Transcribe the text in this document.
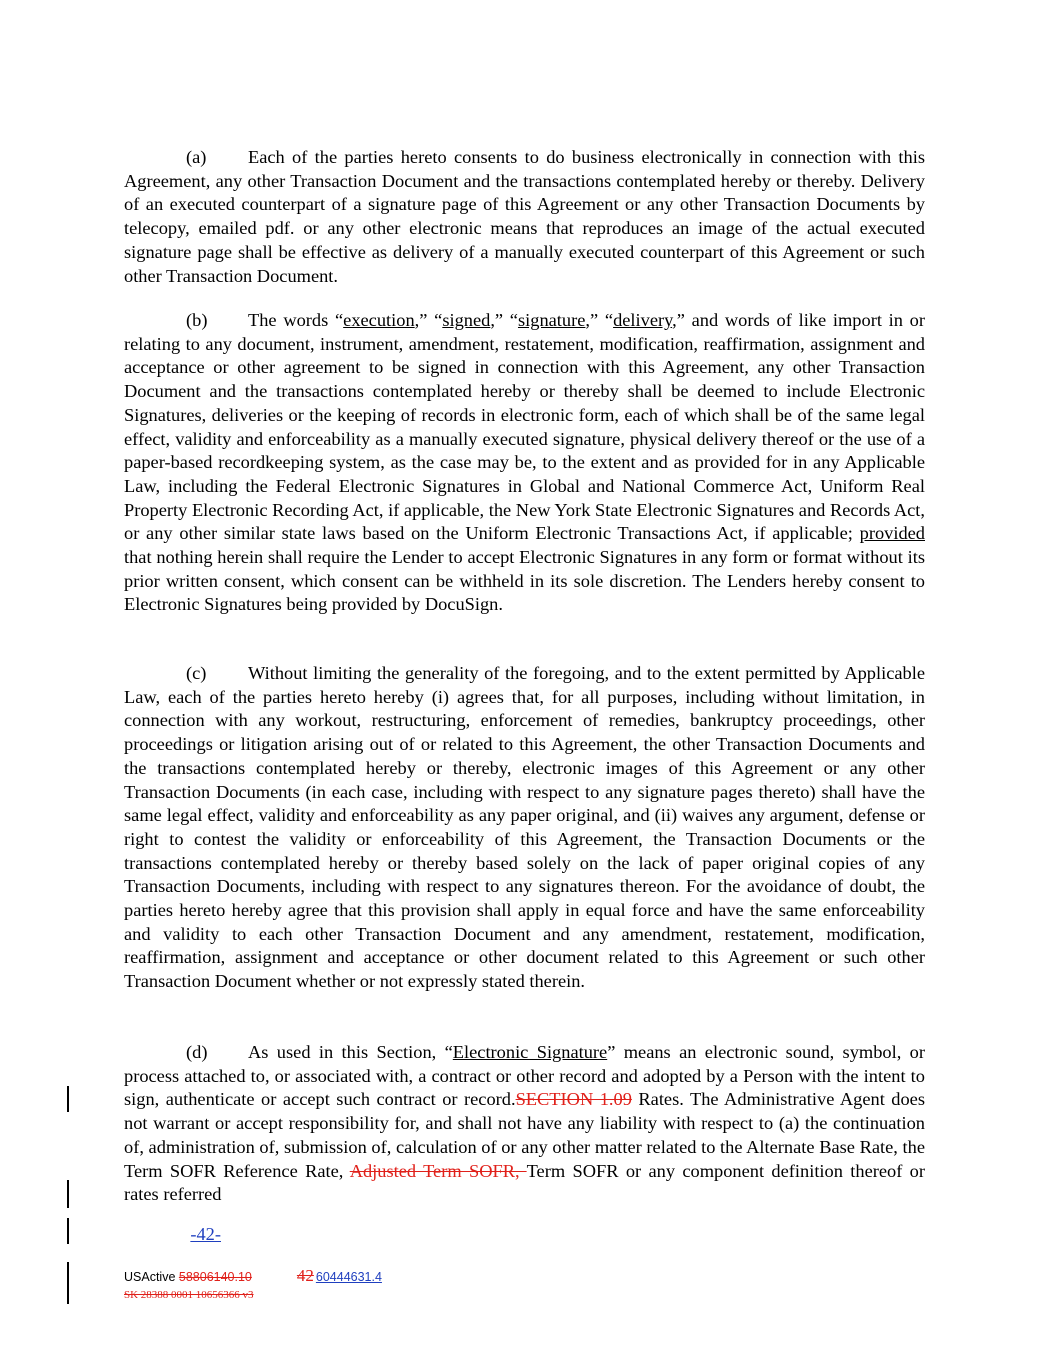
(a) Each of the parties hereto consents to do business electronically in connection with this Agreement, any other Transaction Document and the transactions contemplated hereby or thereby. Delivery of an executed counterpart of a signature page of this Agreement or any other Transaction Documents by telecopy, emailed pdf. or any other electronic means that reproduces an image of the actual executed signature page shall be effective as delivery of a manually executed counterpart of this Agreement or such other Transaction Document.

(b) The words “execution,” “signed,” “signature,” “delivery,” and words of like import in or relating to any document, instrument, amendment, restatement, modification, reaffirmation, assignment and acceptance or other agreement to be signed in connection with this Agreement, any other Transaction Document and the transactions contemplated hereby or thereby shall be deemed to include Electronic Signatures, deliveries or the keeping of records in electronic form, each of which shall be of the same legal effect, validity and enforceability as a manually executed signature, physical delivery thereof or the use of a paper-based recordkeeping system, as the case may be, to the extent and as provided for in any Applicable Law, including the Federal Electronic Signatures in Global and National Commerce Act, Uniform Real Property Electronic Recording Act, if applicable, the New York State Electronic Signatures and Records Act, or any other similar state laws based on the Uniform Electronic Transactions Act, if applicable; provided that nothing herein shall require the Lender to accept Electronic Signatures in any form or format without its prior written consent, which consent can be withheld in its sole discretion. The Lenders hereby consent to Electronic Signatures being provided by DocuSign.

(c) Without limiting the generality of the foregoing, and to the extent permitted by Applicable Law, each of the parties hereto hereby (i) agrees that, for all purposes, including without limitation, in connection with any workout, restructuring, enforcement of remedies, bankruptcy proceedings, other proceedings or litigation arising out of or related to this Agreement, the other Transaction Documents and the transactions contemplated hereby or thereby, electronic images of this Agreement or any other Transaction Documents (in each case, including with respect to any signature pages thereto) shall have the same legal effect, validity and enforceability as any paper original, and (ii) waives any argument, defense or right to contest the validity or enforceability of this Agreement, the Transaction Documents or the transactions contemplated hereby or thereby based solely on the lack of paper original copies of any Transaction Documents, including with respect to any signatures thereon. For the avoidance of doubt, the parties hereto hereby agree that this provision shall apply in equal force and have the same enforceability and validity to each other Transaction Document and any amendment, restatement, modification, reaffirmation, assignment and acceptance or other document related to this Agreement or such other Transaction Document whether or not expressly stated therein.

(d) As used in this Section, “Electronic Signature” means an electronic sound, symbol, or process attached to, or associated with, a contract or other record and adopted by a Person with the intent to sign, authenticate or accept such contract or record.SECTION 1.09 Rates. The Administrative Agent does not warrant or accept responsibility for, and shall not have any liability with respect to (a) the continuation of, administration of, submission of, calculation of or any other matter related to the Alternate Base Rate, the Term SOFR Reference Rate, Adjusted Term SOFR, Term SOFR or any component definition thereof or rates referred

-42-
USActive 58806140.10	42 60444631.4
SK 28388 0001 10656366 v3
